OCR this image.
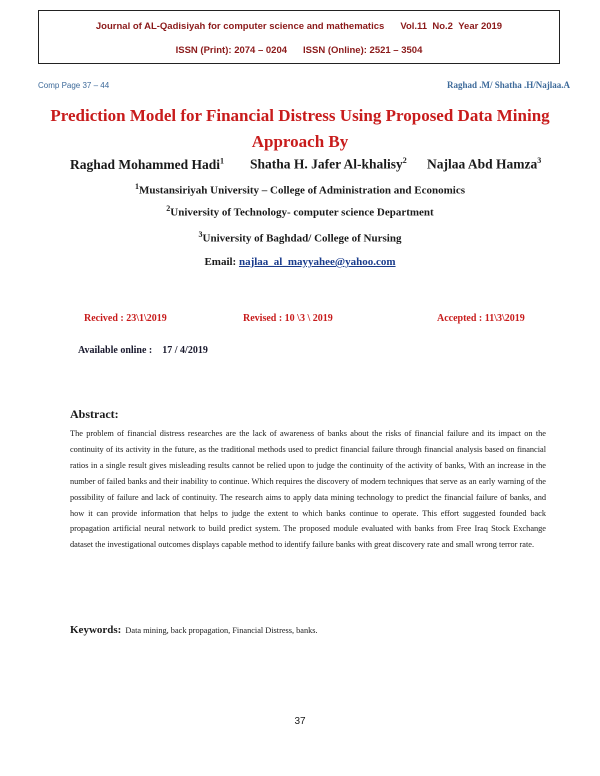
Journal of AL-Qadisiyah for computer science and mathematics Vol.11 No.2 Year 2019
ISSN (Print): 2074 – 0204 ISSN (Online): 2521 – 3504
Comp Page 37 – 44	Raghad .M/ Shatha .H/Najlaa.A
Prediction Model for Financial Distress Using Proposed Data Mining
Approach By
Raghad Mohammed Hadi$^1$ Shatha H. Jafer Al-khalisy$^2$ Najlaa Abd Hamza$^3$
$^1$Mustansiriyah University – College of Administration and Economics
$^2$University of Technology- computer science Department
$^3$University of Baghdad/ College of Nursing
Email: najlaa_al_mayyahee@yahoo.com
Recived : 23\1\2019	Revised : 10 \3 \ 2019	Accepted : 11\3\2019
Available online : 17 / 4/2019
Abstract:
The problem of financial distress researches are the lack of awareness of banks about the risks of financial failure and its impact on the continuity of its activity in the future, as the traditional methods used to predict financial failure through financial analysis based on financial ratios in a single result gives misleading results cannot be relied upon to judge the continuity of the activity of banks, With an increase in the number of failed banks and their inability to continue. Which requires the discovery of modern techniques that serve as an early warning of the possibility of failure and lack of continuity. The research aims to apply data mining technology to predict the financial failure of banks, and how it can provide information that helps to judge the extent to which banks continue to operate. This effort suggested founded back propagation artificial neural network to build predict system. The proposed module evaluated with banks from Free Iraq Stock Exchange dataset the investigational outcomes displays capable method to identify failure banks with great discovery rate and small wrong terror rate.
Keywords: Data mining, back propagation, Financial Distress, banks.
37
